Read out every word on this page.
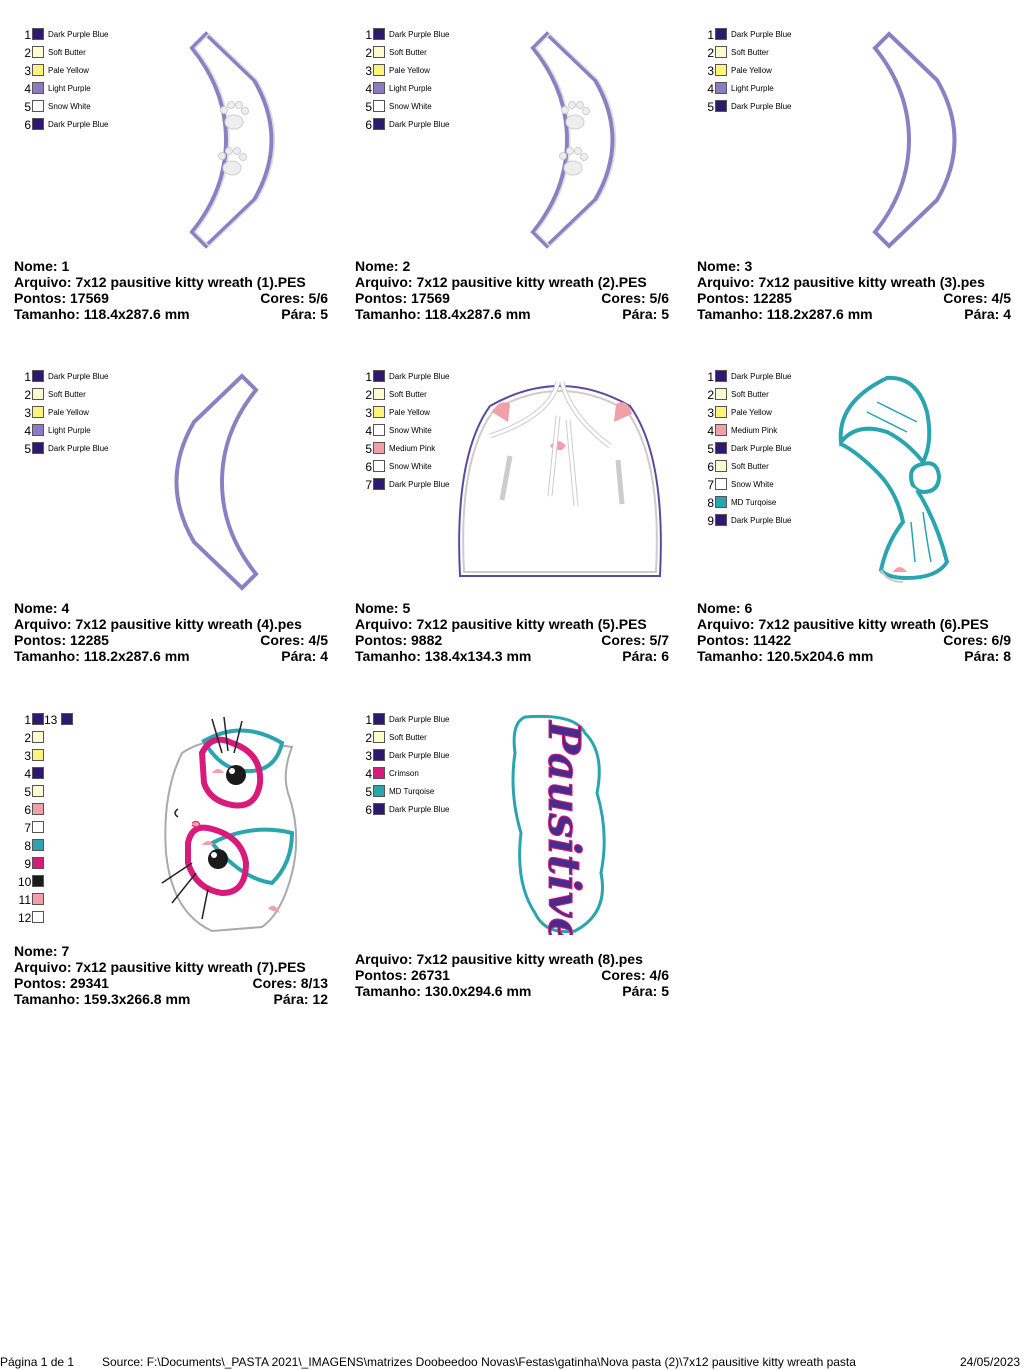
1 Dark Purple Blue
2 Soft Butter
3 Pale Yellow
4 Light Purple
5 Snow White
6 Dark Purple Blue
Nome: 1
Arquivo: 7x12 pausitive kitty wreath (1).PES
Pontos: 17569	Cores: 5/6
Tamanho: 118.4x287.6 mm	Pára: 5
1 Dark Purple Blue
2 Soft Butter
3 Pale Yellow
4 Light Purple
5 Snow White
6 Dark Purple Blue
Nome: 2
Arquivo: 7x12 pausitive kitty wreath (2).PES
Pontos: 17569	Cores: 5/6
Tamanho: 118.4x287.6 mm	Pára: 5
1 Dark Purple Blue
2 Soft Butter
3 Pale Yellow
4 Light Purple
5 Dark Purple Blue
Nome: 3
Arquivo: 7x12 pausitive kitty wreath (3).pes
Pontos: 12285	Cores: 4/5
Tamanho: 118.2x287.6 mm	Pára: 4
1 Dark Purple Blue
2 Soft Butter
3 Pale Yellow
4 Light Purple
5 Dark Purple Blue
Nome: 4
Arquivo: 7x12 pausitive kitty wreath (4).pes
Pontos: 12285	Cores: 4/5
Tamanho: 118.2x287.6 mm	Pára: 4
1 Dark Purple Blue
2 Soft Butter
3 Pale Yellow
4 Snow White
5 Medium Pink
6 Snow White
7 Dark Purple Blue
Nome: 5
Arquivo: 7x12 pausitive kitty wreath (5).PES
Pontos: 9882	Cores: 5/7
Tamanho: 138.4x134.3 mm	Pára: 6
1 Dark Purple Blue
2 Soft Butter
3 Pale Yellow
4 Medium Pink
5 Dark Purple Blue
6 Soft Butter
7 Snow White
8 MD Turqoise
9 Dark Purple Blue
Nome: 6
Arquivo: 7x12 pausitive kitty wreath (6).PES
Pontos: 11422	Cores: 6/9
Tamanho: 120.5x204.6 mm	Pára: 8
1
2
3
4
5
6
7
8
9
10
11
12
13
Nome: 7
Arquivo: 7x12 pausitive kitty wreath (7).PES
Pontos: 29341	Cores: 8/13
Tamanho: 159.3x266.8 mm	Pára: 12
1 Dark Purple Blue
2 Soft Butter
3 Dark Purple Blue
4 Crimson
5 MD Turqoise
6 Dark Purple Blue Pausitive
Arquivo: 7x12 pausitive kitty wreath (8).pes
Pontos: 26731	Cores: 4/6
Tamanho: 130.0x294.6 mm	Pára: 5
Página 1 de 1 Source: F:\Documents\_PASTA 2021\_IMAGENS\matrizes Doobeedoo Novas\Festas\gatinha\Nova pasta (2)\7x12 pausitive kitty wreath pasta	24/05/2023
